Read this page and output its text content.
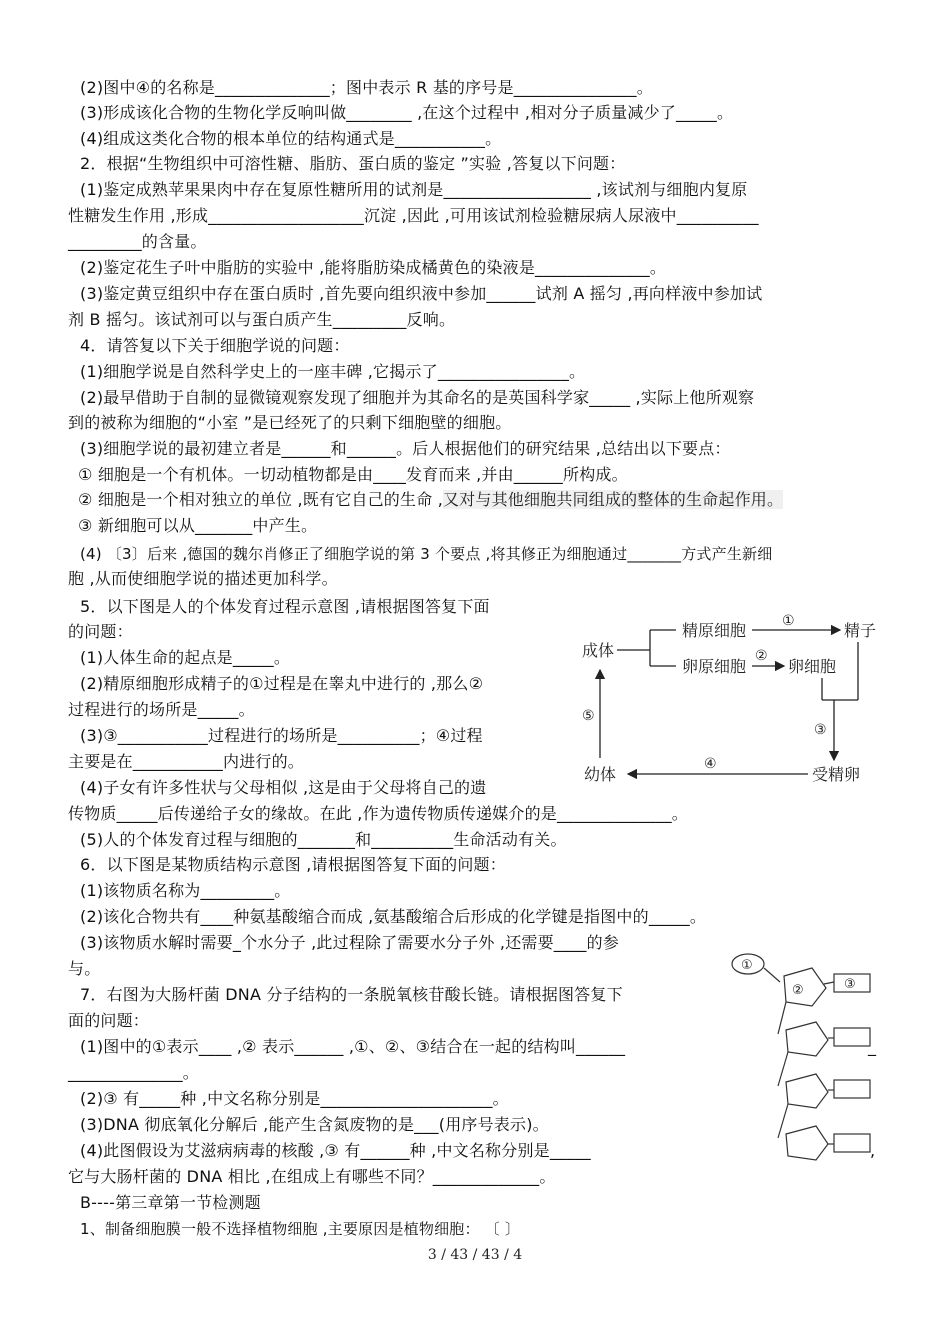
(2)图中④的名称是______________；图中表示 R 基的序号是_______________。
(3)形成该化合物的生物化学反响叫做________ ,在这个过程中 ,相对分子质量减少了_____。
(4)组成这类化合物的根本单位的结构通式是___________。
2．根据“生物组织中可溶性糖、脂肪、蛋白质的鉴定 ”实验 ,答复以下问题：
(1)鉴定成熟苹果果肉中存在复原性糖所用的试剂是__________________ ,该试剂与细胞内复原
性糖发生作用 ,形成___________________沉淀 ,因此 ,可用该试剂检验糖尿病人尿液中__________
_________的含量。
(2)鉴定花生子叶中脂肪的实验中 ,能将脂肪染成橘黄色的染液是______________。
(3)鉴定黄豆组织中存在蛋白质时 ,首先要向组织液中参加______试剂 A 摇匀 ,再向样液中参加试
剂 B 摇匀。该试剂可以与蛋白质产生_________反响。
4．请答复以下关于细胞学说的问题：
(1)细胞学说是自然科学史上的一座丰碑 ,它揭示了________________。
(2)最早借助于自制的显微镜观察发现了细胞并为其命名的是英国科学家_____ ,实际上他所观察
到的被称为细胞的“小室 ”是已经死了的只剩下细胞壁的细胞。
(3)细胞学说的最初建立者是______和______。后人根据他们的研究结果 ,总结出以下要点：
① 细胞是一个有机体。一切动植物都是由____发育而来 ,并由______所构成。
② 细胞是一个相对独立的单位 ,既有它自己的生命 ,又对与其他细胞共同组成的整体的生命起作用。
③ 新细胞可以从_______中产生。
(4) 〔3〕后来 ,德国的魏尔肖修正了细胞学说的第 3 个要点 ,将其修正为细胞通过_______方式产生新细
胞 ,从而使细胞学说的描述更加科学。
5．以下图是人的个体发育过程示意图 ,请根据图答复下面
的问题：
(1)人体生命的起点是_____。
(2)精原细胞形成精子的①过程是在睾丸中进行的 ,那么②
过程进行的场所是_____。
(3)③___________过程进行的场所是__________；④过程
主要是在___________内进行的。
(4)子女有许多性状与父母相似 ,这是由于父母将自己的遗
传物质_____后传递给子女的缘故。在此 ,作为遗传物质传递媒介的是______________。
(5)人的个体发育过程与细胞的_______和__________生命活动有关。
6．以下图是某物质结构示意图 ,请根据图答复下面的问题：
(1)该物质名称为_________。
(2)该化合物共有____种氨基酸缩合而成 ,氨基酸缩合后形成的化学键是指图中的_____。
(3)该物质水解时需要_个水分子 ,此过程除了需要水分子外 ,还需要____的参
与。
7．右图为大肠杆菌 DNA 分子结构的一条脱氧核苷酸长链。请根据图答复下
面的问题：
(1)图中的①表示____ ,② 表示______ ,①、②、③结合在一起的结构叫______	_
______________。
(2)③ 有_____种 ,中文名称分别是_____________________。
(3)DNA 彻底氧化分解后 ,能产生含氮废物的是___(用序号表示)。
(4)此图假设为艾滋病病毒的核酸 ,③ 有______种 ,中文名称分别是_____	,
它与大肠杆菌的 DNA 相比 ,在组成上有哪些不同？_____________。
B----第三章第一节检测题
1、制备细胞膜一般不选择植物细胞 ,主要原因是植物细胞： 〔 〕
成体
精原细胞
卵原细胞
①	精子
②
卵细胞
③
受精卵
④
幼体
⑤
①
②	③
3 / 43 / 43 / 4
